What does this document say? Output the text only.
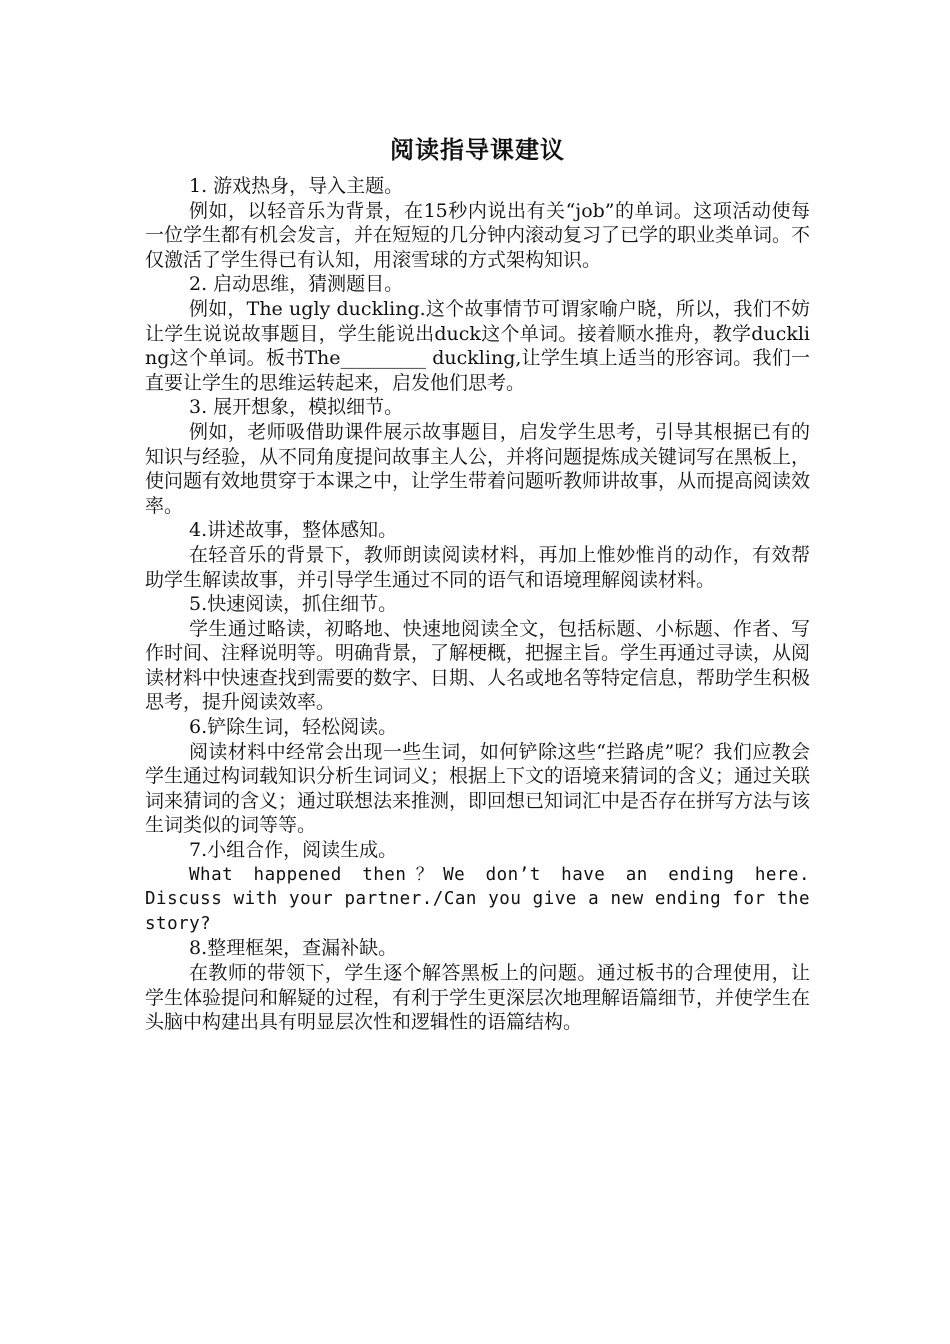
阅读指导课建议

1. 游戏热身，导入主题。

例如，以轻音乐为背景，在15秒内说出有关“job”的单词。这项活动使每一位学生都有机会发言，并在短短的几分钟内滚动复习了已学的职业类单词。不仅激活了学生得已有认知，用滚雪球的方式架构知识。

2. 启动思维，猜测题目。

例如，The ugly duckling.这个故事情节可谓家喻户晓，所以，我们不妨让学生说说故事题目，学生能说出duck这个单词。接着顺水推舟，教学duckling这个单词。板书The_________ duckling,让学生填上适当的形容词。我们一直要让学生的思维运转起来，启发他们思考。

3. 展开想象，模拟细节。

例如，老师吸借助课件展示故事题目，启发学生思考，引导其根据已有的知识与经验，从不同角度提问故事主人公，并将问题提炼成关键词写在黑板上，使问题有效地贯穿于本课之中，让学生带着问题听教师讲故事，从而提高阅读效率。

4.讲述故事，整体感知。

在轻音乐的背景下，教师朗读阅读材料，再加上惟妙惟肖的动作，有效帮助学生解读故事，并引导学生通过不同的语气和语境理解阅读材料。

5.快速阅读，抓住细节。

学生通过略读，初略地、快速地阅读全文，包括标题、小标题、作者、写作时间、注释说明等。明确背景，了解梗概，把握主旨。学生再通过寻读，从阅读材料中快速查找到需要的数字、日期、人名或地名等特定信息，帮助学生积极思考，提升阅读效率。

6.铲除生词，轻松阅读。

阅读材料中经常会出现一些生词，如何铲除这些“拦路虎”呢？我们应教会学生通过构词载知识分析生词词义；根据上下文的语境来猜词的含义；通过关联词来猜词的含义；通过联想法来推测，即回想已知词汇中是否存在拼写方法与该生词类似的词等等。

7.小组合作，阅读生成。

What happened then？We don’t have an ending here. Discuss with your partner./Can you give a new ending for the story?

8.整理框架，查漏补缺。

在教师的带领下，学生逐个解答黑板上的问题。通过板书的合理使用，让学生体验提问和解疑的过程，有利于学生更深层次地理解语篇细节，并使学生在头脑中构建出具有明显层次性和逻辑性的语篇结构。
